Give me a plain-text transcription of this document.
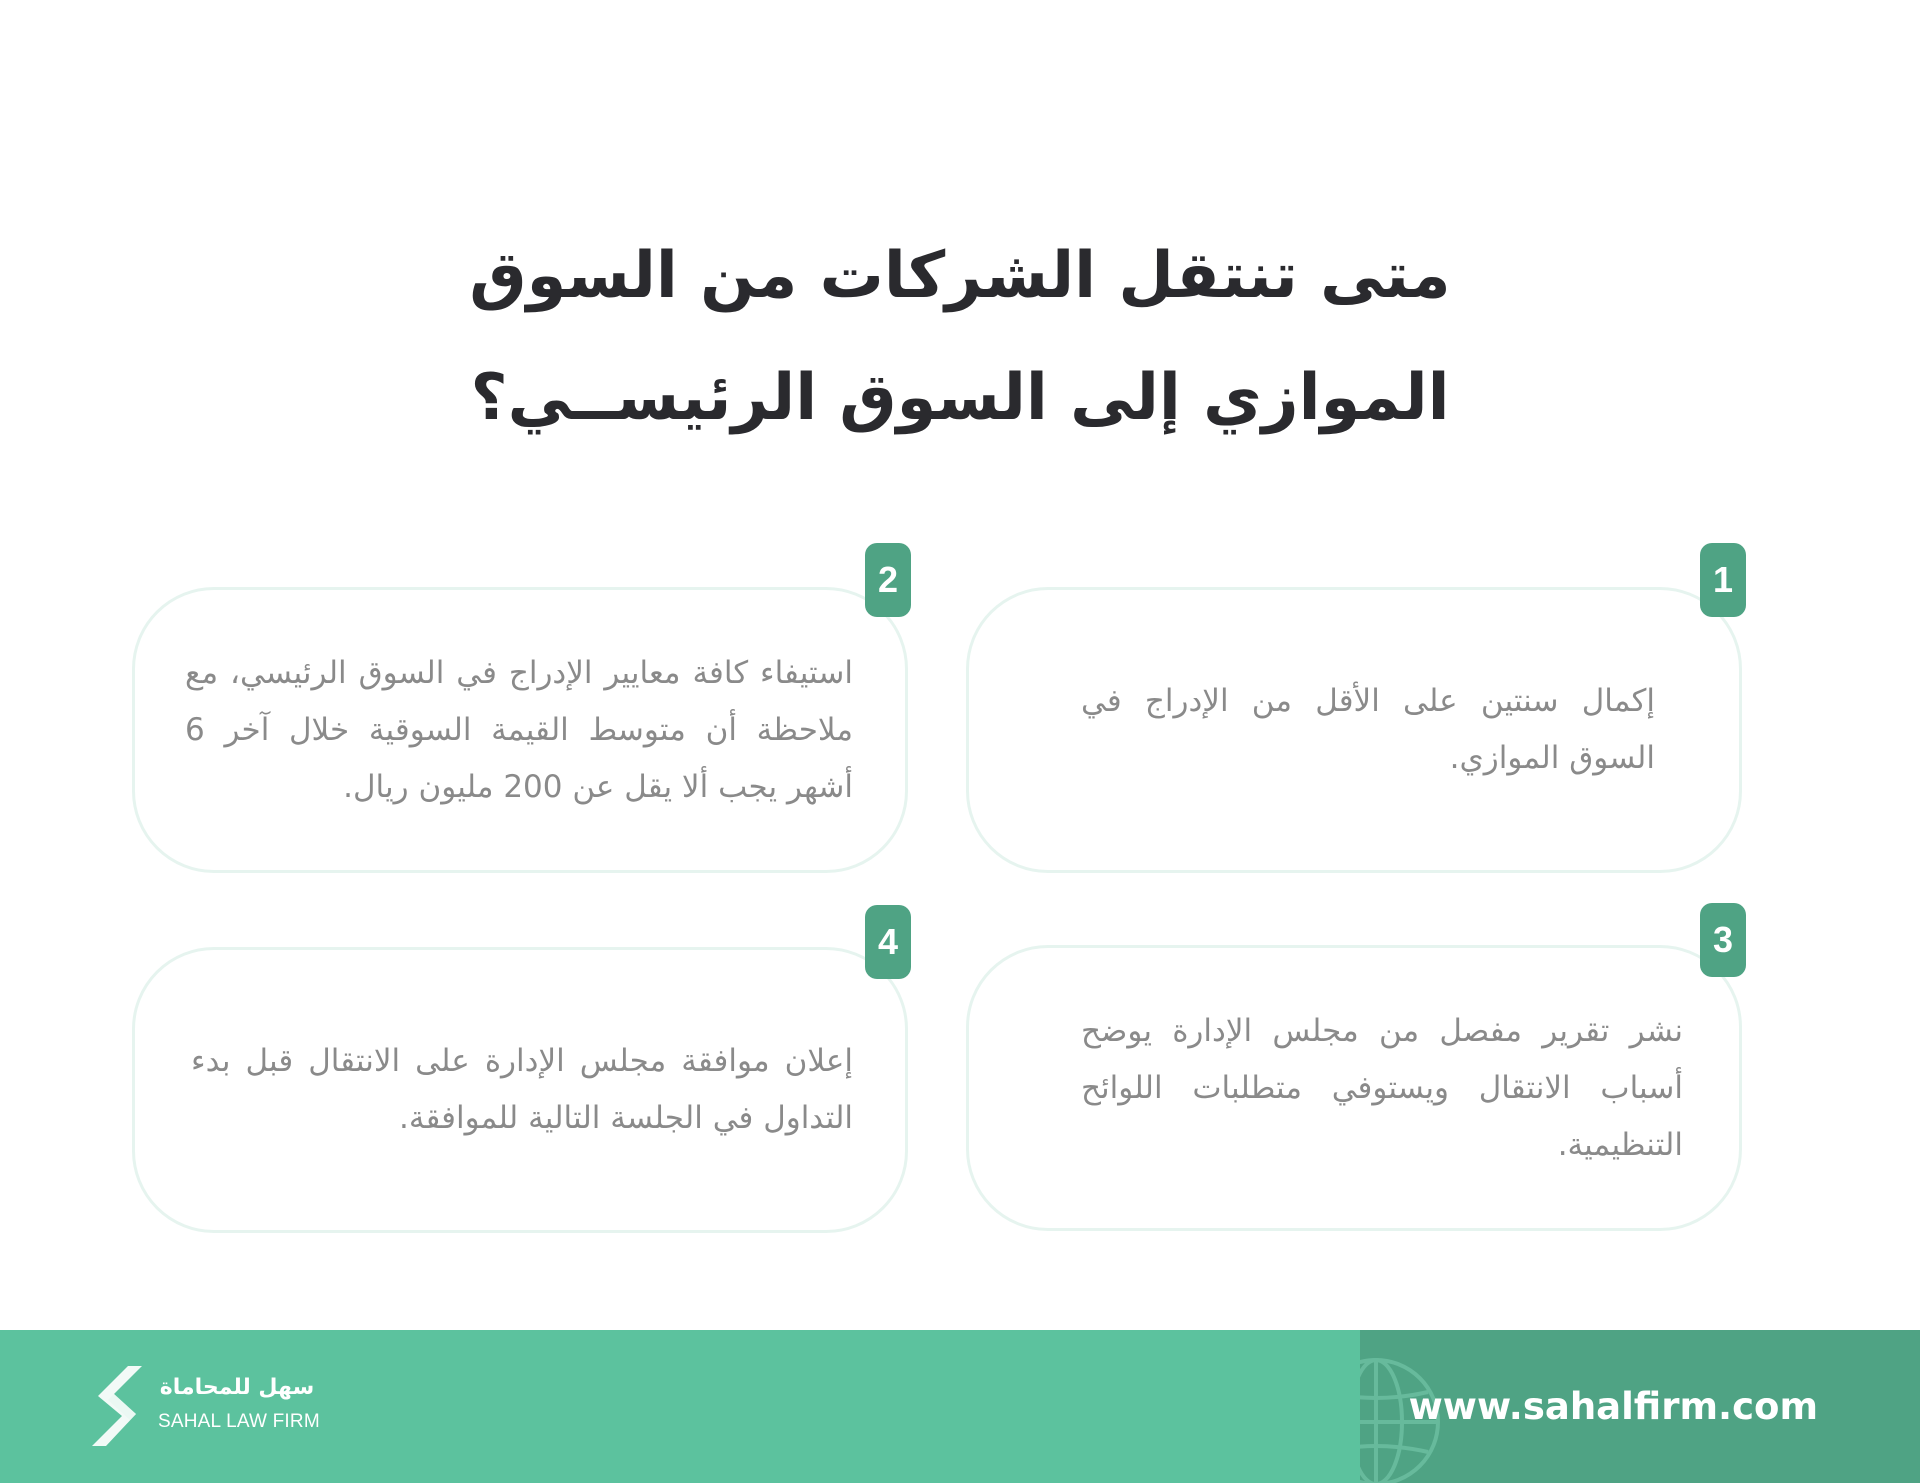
متى تنتقل الشركات من السوق
الموازي إلى السوق الرئيســي؟
إكمال سنتين على الأقل من الإدراج في السوق الموازي.
1
استيفاء كافة معايير الإدراج في السوق الرئيسي، مع ملاحظة أن متوسط القيمة السوقية خلال آخر 6 أشهر يجب ألا يقل عن 200 مليون ريال.
2
نشر تقرير مفصل من مجلس الإدارة يوضح أسباب الانتقال ويستوفي متطلبات اللوائح التنظيمية.
3
إعلان موافقة مجلس الإدارة على الانتقال قبل بدء التداول في الجلسة التالية للموافقة.
4
سهل للمحاماة
SAHAL LAW FIRM	www.sahalfirm.com
